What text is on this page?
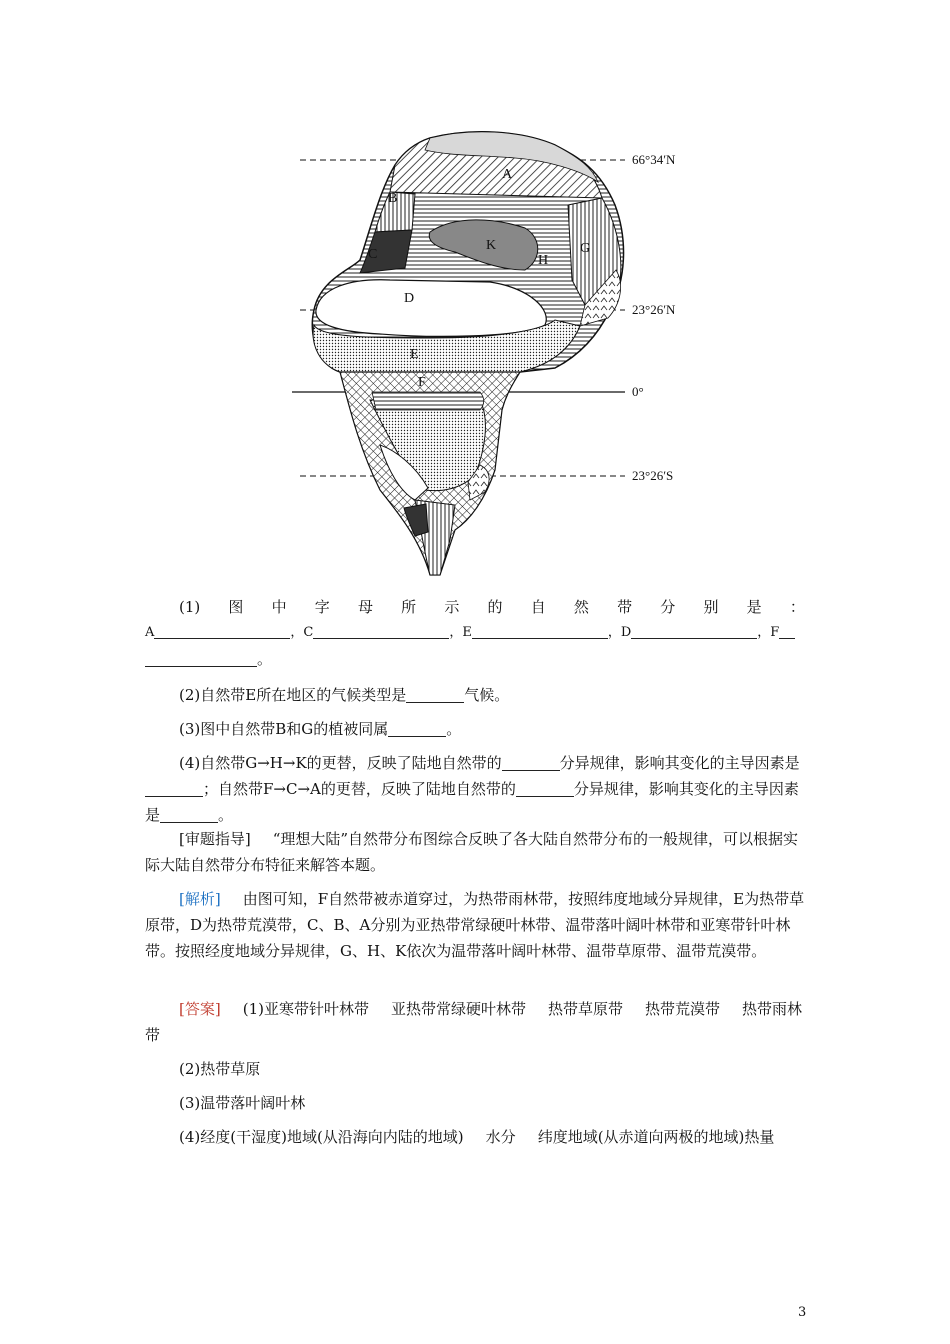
66°34′N
23°26′N
0°
23°26′S
A
B
C
D
E
F
G
H
K
(1) 图 中 字 母 所 示 的 自 然 带 分 别 是 ：
A	，C	，E	，D	，F
。

(2)自然带E所在地区的气候类型是	气候。

(3)图中自然带B和G的植被同属	。

(4)自然带G→H→K的更替，反映了陆地自然带的	分异规律，影响其变化的主导因素是；自然带F→C→A的更替，反映了陆地自然带的	分异规律，影响其变化的主导因素是	。

[审题指导] “理想大陆”自然带分布图综合反映了各大陆自然带分布的一般规律，可以根据实际大陆自然带分布特征来解答本题。

[解析] 由图可知，F自然带被赤道穿过，为热带雨林带，按照纬度地域分异规律，E为热带草原带，D为热带荒漠带，C、B、A分别为亚热带常绿硬叶林带、温带落叶阔叶林带和亚寒带针叶林带。按照经度地域分异规律，G、H、K依次为温带落叶阔叶林带、温带草原带、温带荒漠带。

[答案] (1)亚寒带针叶林带 亚热带常绿硬叶林带 热带草原带 热带荒漠带 热带雨林带

(2)热带草原

(3)温带落叶阔叶林

(4)经度(干湿度)地域(从沿海向内陆的地域) 水分 纬度地域(从赤道向两极的地域)热量

3
